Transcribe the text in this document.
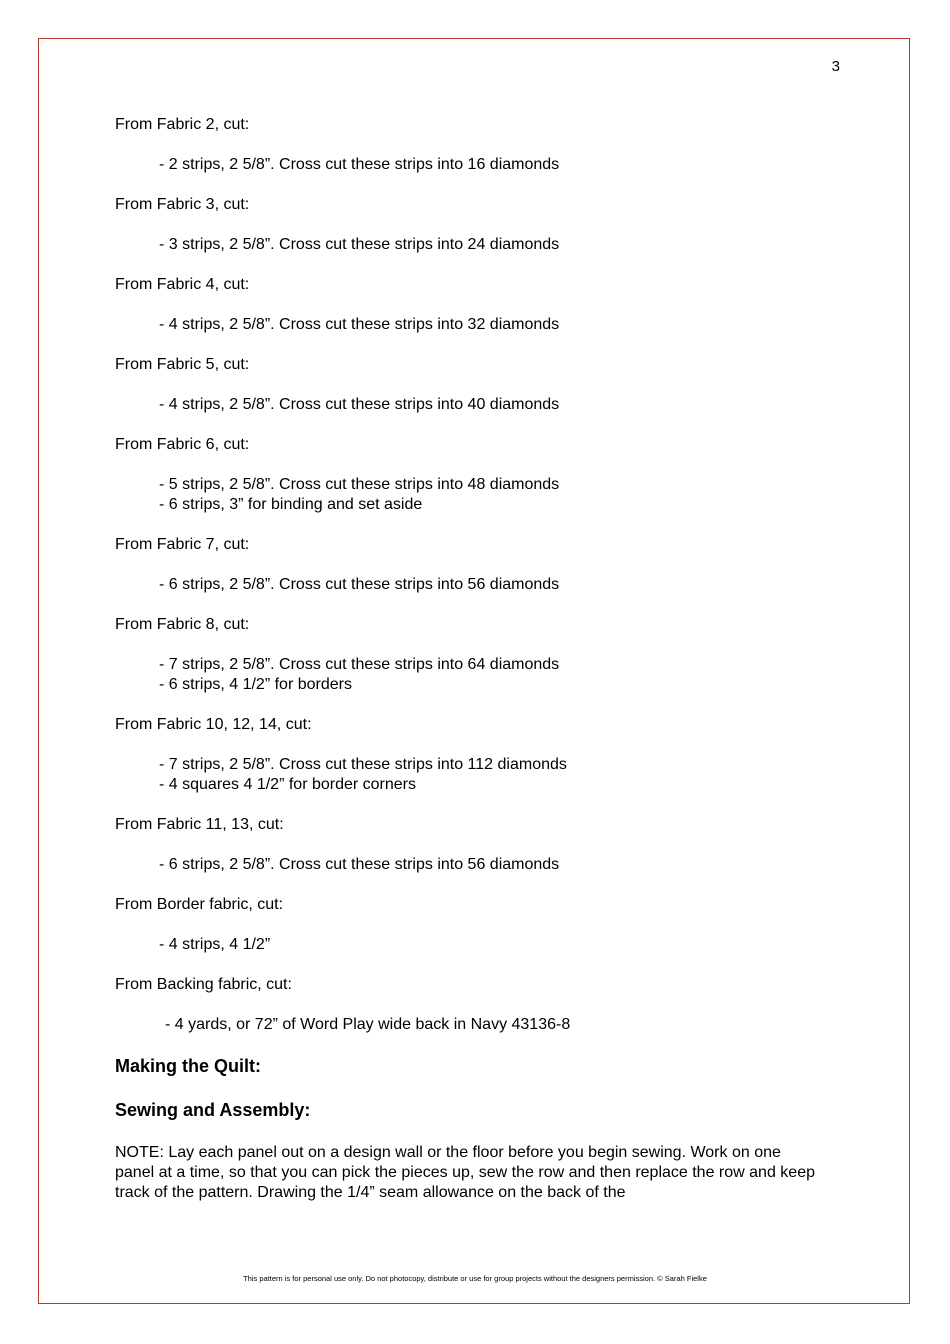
3

From Fabric 2, cut:

- 2 strips, 2 5/8”. Cross cut these strips into 16 diamonds

From Fabric 3, cut:

- 3 strips, 2 5/8”. Cross cut these strips into 24 diamonds

From Fabric 4, cut:

- 4 strips, 2 5/8”. Cross cut these strips into 32 diamonds

From Fabric 5, cut:

- 4 strips, 2 5/8”. Cross cut these strips into 40 diamonds

From Fabric 6, cut:

- 5 strips, 2 5/8”. Cross cut these strips into 48 diamonds
- 6 strips, 3” for binding and set aside

From Fabric 7, cut:

- 6 strips, 2 5/8”. Cross cut these strips into 56 diamonds

From Fabric 8, cut:

- 7 strips, 2 5/8”. Cross cut these strips into 64 diamonds
- 6 strips, 4 1/2” for borders

From Fabric 10, 12, 14, cut:

- 7 strips, 2 5/8”. Cross cut these strips into 112 diamonds
- 4 squares 4 1/2” for border corners

From Fabric 11, 13, cut:

- 6 strips, 2 5/8”. Cross cut these strips into 56 diamonds

From Border fabric, cut:

- 4 strips, 4 1/2”

From Backing fabric, cut:

- 4 yards, or 72” of Word Play wide back in Navy 43136-8
Making the Quilt:
Sewing and Assembly:

NOTE: Lay each panel out on a design wall or the floor before you begin sewing. Work on one panel at a time, so that you can pick the pieces up, sew the row and then replace the row and keep track of the pattern. Drawing the 1/4” seam allowance on the back of the

This pattern is for personal use only. Do not photocopy, distribute or use for group projects without the designers permission. © Sarah Fielke
